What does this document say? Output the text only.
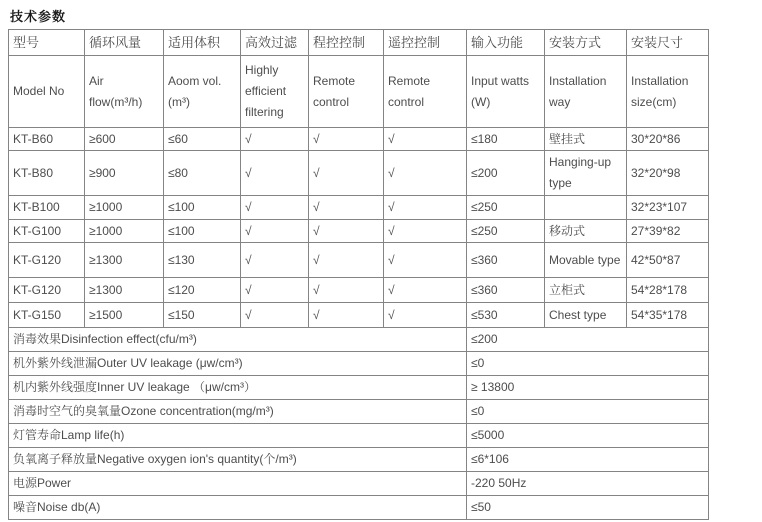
技术参数
型号	循环风量	适用体积	高效过滤	程控控制	遥控控制	输入功能	安装方式	安装尺寸
Model No	Air flow(m³/h)	Aoom vol. (m³)	Highly efficient filtering	Remote control	Remote control	Input watts (W)	Installation way	Installation size(cm)
KT-B60	≥600	≤60	√	√	√	≤180	壁挂式	30*20*86
KT-B80	≥900	≤80	√	√	√	≤200	Hanging-up type	32*20*98
KT-B100	≥1000	≤100	√	√	√	≤250		32*23*107
KT-G100	≥1000	≤100	√	√	√	≤250	移动式	27*39*82
KT-G120	≥1300	≤130	√	√	√	≤360	Movable type	42*50*87
KT-G120	≥1300	≤120	√	√	√	≤360	立柜式	54*28*178
KT-G150	≥1500	≤150	√	√	√	≤530	Chest type	54*35*178
消毒效果Disinfection effect(cfu/m³)						≤200		
机外紫外线泄漏Outer UV leakage (μw/cm³)						≤0		
机内紫外线强度Inner UV leakage （μw/cm³）						≥ 13800		
消毒时空气的臭氧量Ozone concentration(mg/m³)						≤0		
灯管寿命Lamp life(h)						≤5000		
负氧离子释放量Negative oxygen ion's quantity(个/m³)						≤6*106		
电源Power						-220 50Hz		
噪音Noise db(A)						≤50		
